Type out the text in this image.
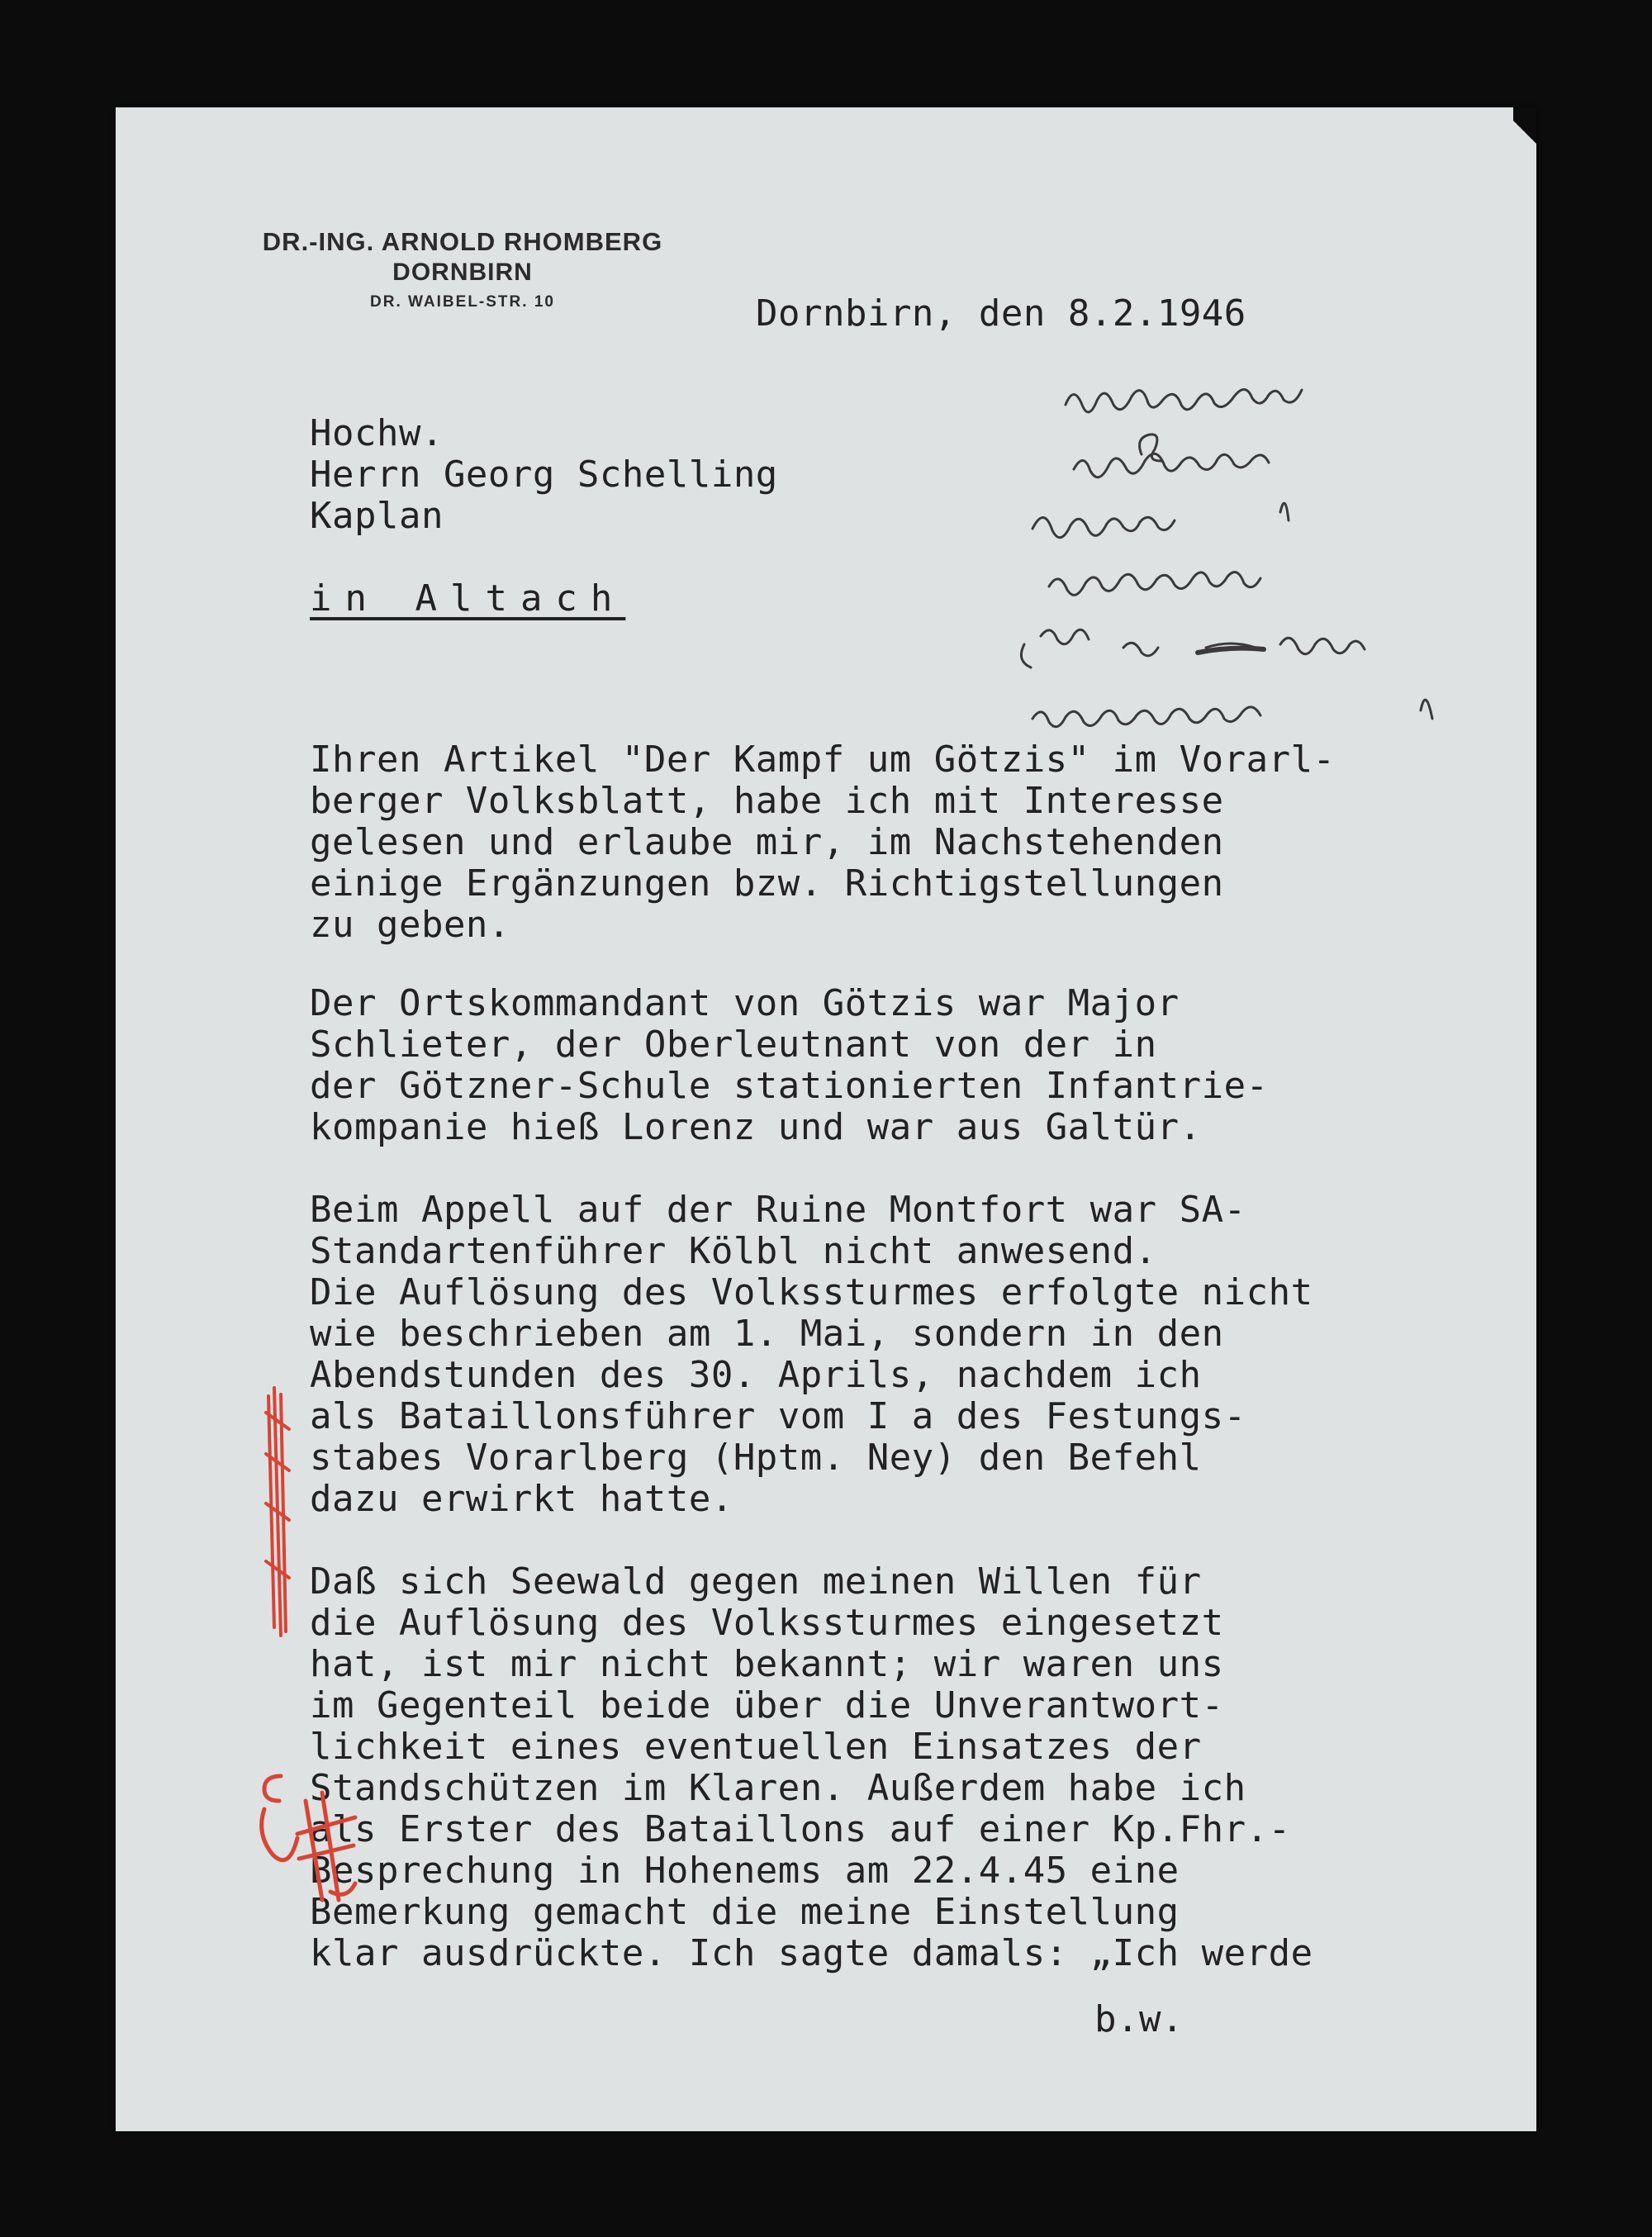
DR.-ING. ARNOLD RHOMBERG
DORNBIRN
DR. WAIBEL-STR. 10	Dornbirn, den 8.2.1946
Hochw.
Herrn Georg Schelling
Kaplan
in Altach
Ihren Artikel "Der Kampf um Götzis" im Vorarl-
berger Volksblatt, habe ich mit Interesse
gelesen und erlaube mir, im Nachstehenden
einige Ergänzungen bzw. Richtigstellungen
zu geben.
Der Ortskommandant von Götzis war Major
Schlieter, der Oberleutnant von der in
der Götzner-Schule stationierten Infantrie-
kompanie hieß Lorenz und war aus Galtür.
Beim Appell auf der Ruine Montfort war SA-
Standartenführer Kölbl nicht anwesend.
Die Auflösung des Volkssturmes erfolgte nicht
wie beschrieben am 1. Mai, sondern in den
Abendstunden des 30. Aprils, nachdem ich
als Bataillonsführer vom I a des Festungs-
stabes Vorarlberg (Hptm. Ney) den Befehl
dazu erwirkt hatte.
Daß sich Seewald gegen meinen Willen für
die Auflösung des Volkssturmes eingesetzt
hat, ist mir nicht bekannt; wir waren uns
im Gegenteil beide über die Unverantwort-
lichkeit eines eventuellen Einsatzes der
Standschützen im Klaren. Außerdem habe ich
als Erster des Bataillons auf einer Kp.Fhr.-
Besprechung in Hohenems am 22.4.45 eine
Bemerkung gemacht die meine Einstellung
klar ausdrückte. Ich sagte damals: „Ich werde
b.w.
